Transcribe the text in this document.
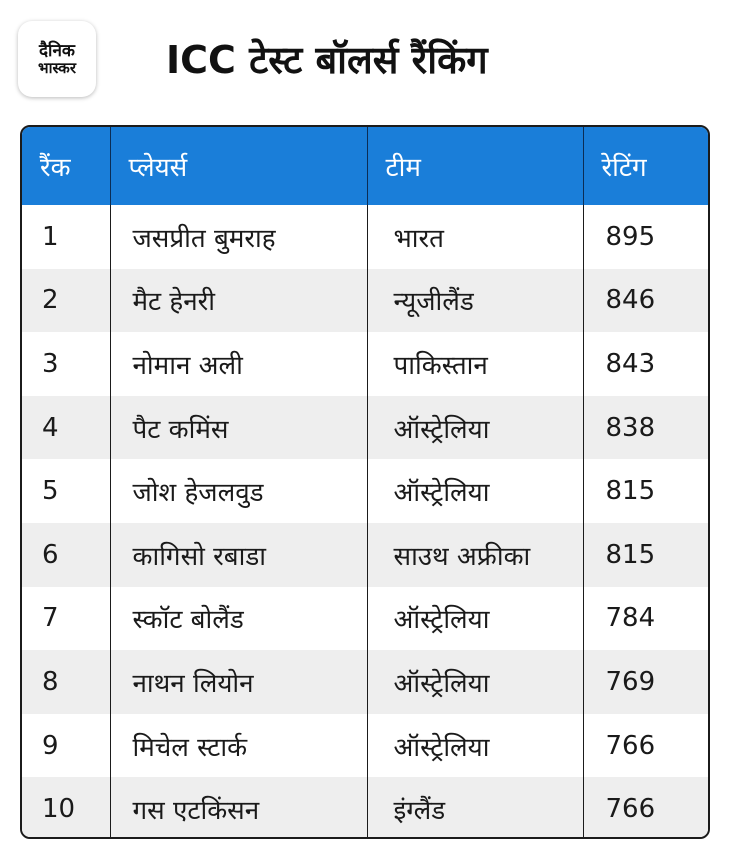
दैनिक
भास्कर ICC टेस्ट बॉलर्स रैंकिंग
रैंक	प्लेयर्स	टीम	रेटिंग
1	जसप्रीत बुमराह	भारत	895
2	मैट हेनरी	न्यूजीलैंड	846
3	नोमान अली	पाकिस्तान	843
4	पैट कमिंस	ऑस्ट्रेलिया	838
5	जोश हेजलवुड	ऑस्ट्रेलिया	815
6	कागिसो रबाडा	साउथ अफ्रीका	815
7	स्कॉट बोलैंड	ऑस्ट्रेलिया	784
8	नाथन लियोन	ऑस्ट्रेलिया	769
9	मिचेल स्टार्क	ऑस्ट्रेलिया	766
10	गस एटकिंसन	इंग्लैंड	766
